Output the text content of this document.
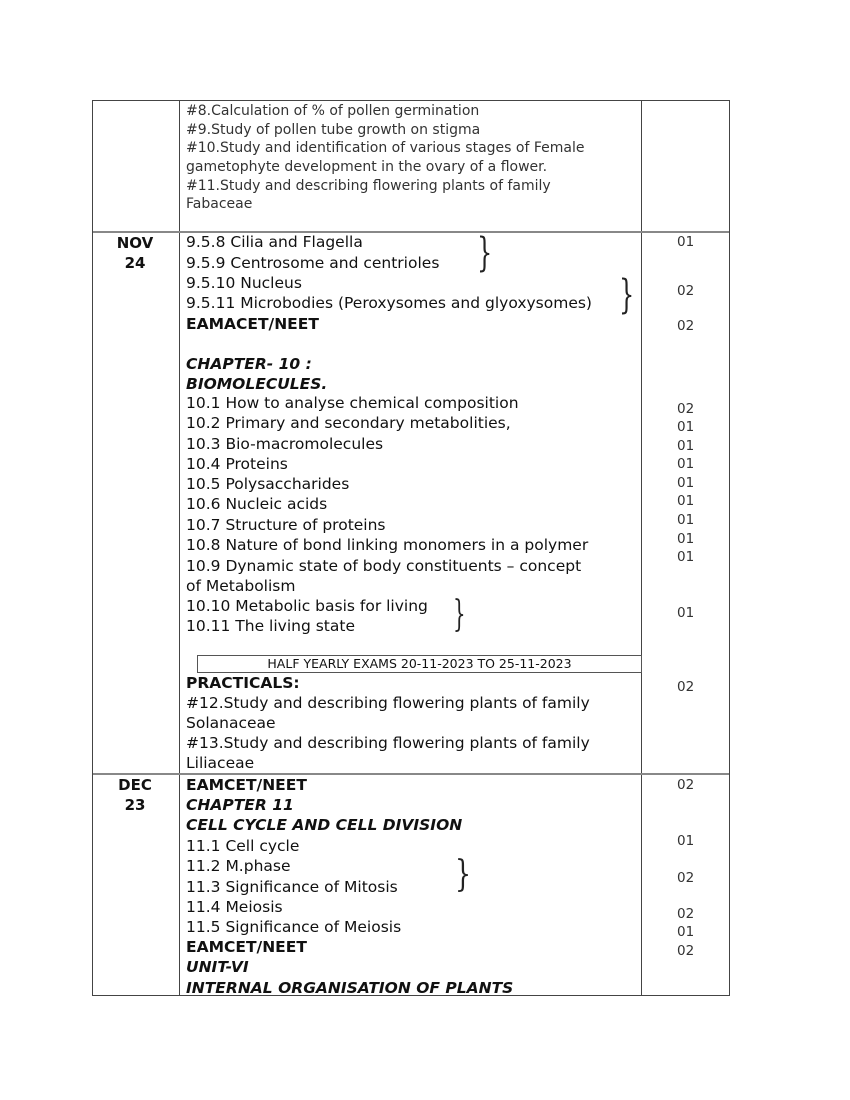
#8.Calculation of % of pollen germination
#9.Study of pollen tube growth on stigma
#10.Study and identification of various stages of Female
gametophyte development in the ovary of a flower.
#11.Study and describing flowering plants of family
Fabaceae
NOV
24
9.5.8 Cilia and Flagella
9.5.9 Centrosome and centrioles }
9.5.10 Nucleus
9.5.11 Microbodies (Peroxysomes and glyoxysomes) }
EAMACET/NEET
CHAPTER- 10 :
BIOMOLECULES.
10.1 How to analyse chemical composition
10.2 Primary and secondary metabolities,
10.3 Bio-macromolecules
10.4 Proteins
10.5 Polysaccharides
10.6 Nucleic acids
10.7 Structure of proteins
10.8 Nature of bond linking monomers in a polymer
10.9 Dynamic state of body constituents – concept
of Metabolism
10.10 Metabolic basis for living
10.11 The living state	}
HALF YEARLY EXAMS 20-11-2023 TO 25-11-2023
PRACTICALS:
#12.Study and describing flowering plants of family
Solanaceae
#13.Study and describing flowering plants of family
Liliaceae
01
02
02
02
01
01
01
01
01
01
01
01
01
02
DEC
23
EAMCET/NEET
CHAPTER 11
CELL CYCLE AND CELL DIVISION
11.1 Cell cycle
11.2 M.phase
11.3 Significance of Mitosis }
11.4 Meiosis
11.5 Significance of Meiosis
EAMCET/NEET
UNIT-VI
INTERNAL ORGANISATION OF PLANTS
02
01
02
02
01
02
